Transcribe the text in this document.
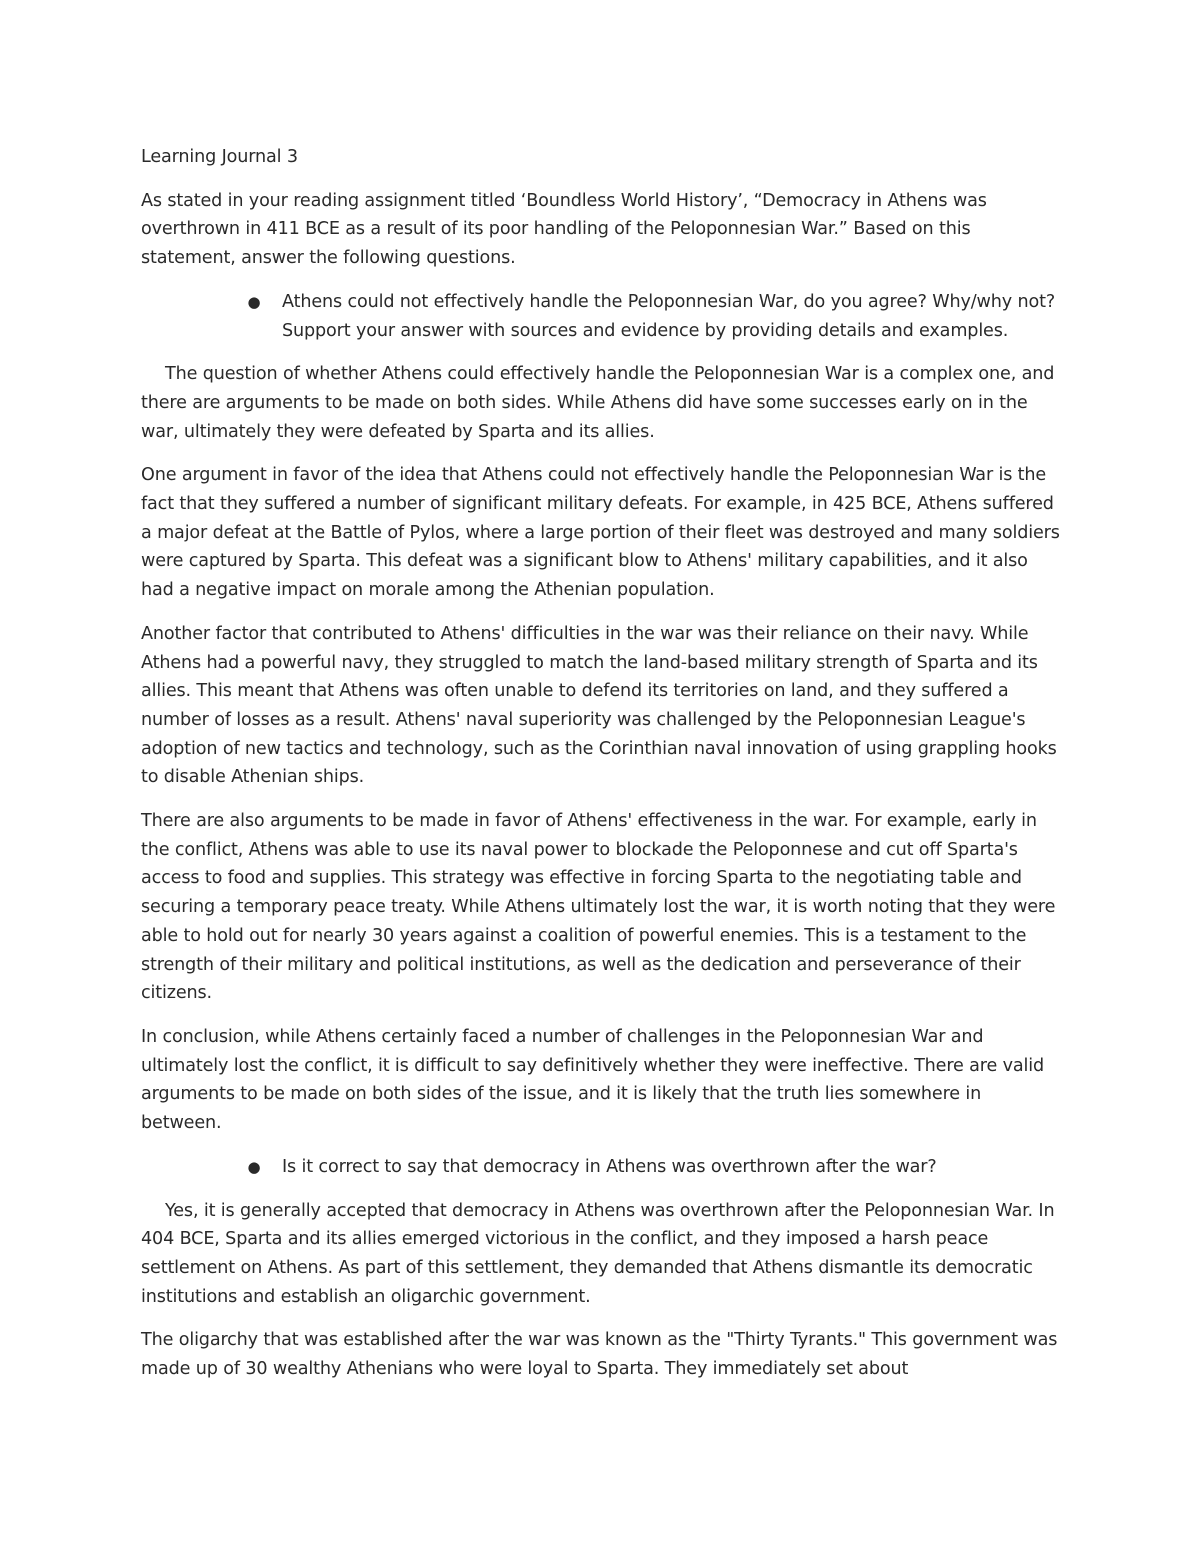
Learning Journal 3

As stated in your reading assignment titled ‘Boundless World History’, “Democracy in Athens was overthrown in 411 BCE as a result of its poor handling of the Peloponnesian War.” Based on this statement, answer the following questions.

● Athens could not effectively handle the Peloponnesian War, do you agree? Why/why not? Support your answer with sources and evidence by providing details and examples.

The question of whether Athens could effectively handle the Peloponnesian War is a complex one, and there are arguments to be made on both sides. While Athens did have some successes early on in the war, ultimately they were defeated by Sparta and its allies.

One argument in favor of the idea that Athens could not effectively handle the Peloponnesian War is the fact that they suffered a number of significant military defeats. For example, in 425 BCE, Athens suffered a major defeat at the Battle of Pylos, where a large portion of their fleet was destroyed and many soldiers were captured by Sparta. This defeat was a significant blow to Athens' military capabilities, and it also had a negative impact on morale among the Athenian population.

Another factor that contributed to Athens' difficulties in the war was their reliance on their navy. While Athens had a powerful navy, they struggled to match the land-based military strength of Sparta and its allies. This meant that Athens was often unable to defend its territories on land, and they suffered a number of losses as a result. Athens' naval superiority was challenged by the Peloponnesian League's adoption of new tactics and technology, such as the Corinthian naval innovation of using grappling hooks to disable Athenian ships.

There are also arguments to be made in favor of Athens' effectiveness in the war. For example, early in the conflict, Athens was able to use its naval power to blockade the Peloponnese and cut off Sparta's access to food and supplies. This strategy was effective in forcing Sparta to the negotiating table and securing a temporary peace treaty. While Athens ultimately lost the war, it is worth noting that they were able to hold out for nearly 30 years against a coalition of powerful enemies. This is a testament to the strength of their military and political institutions, as well as the dedication and perseverance of their citizens.

In conclusion, while Athens certainly faced a number of challenges in the Peloponnesian War and ultimately lost the conflict, it is difficult to say definitively whether they were ineffective. There are valid arguments to be made on both sides of the issue, and it is likely that the truth lies somewhere in between.

● Is it correct to say that democracy in Athens was overthrown after the war?

Yes, it is generally accepted that democracy in Athens was overthrown after the Peloponnesian War. In 404 BCE, Sparta and its allies emerged victorious in the conflict, and they imposed a harsh peace settlement on Athens. As part of this settlement, they demanded that Athens dismantle its democratic institutions and establish an oligarchic government.

The oligarchy that was established after the war was known as the "Thirty Tyrants." This government was made up of 30 wealthy Athenians who were loyal to Sparta. They immediately set about
